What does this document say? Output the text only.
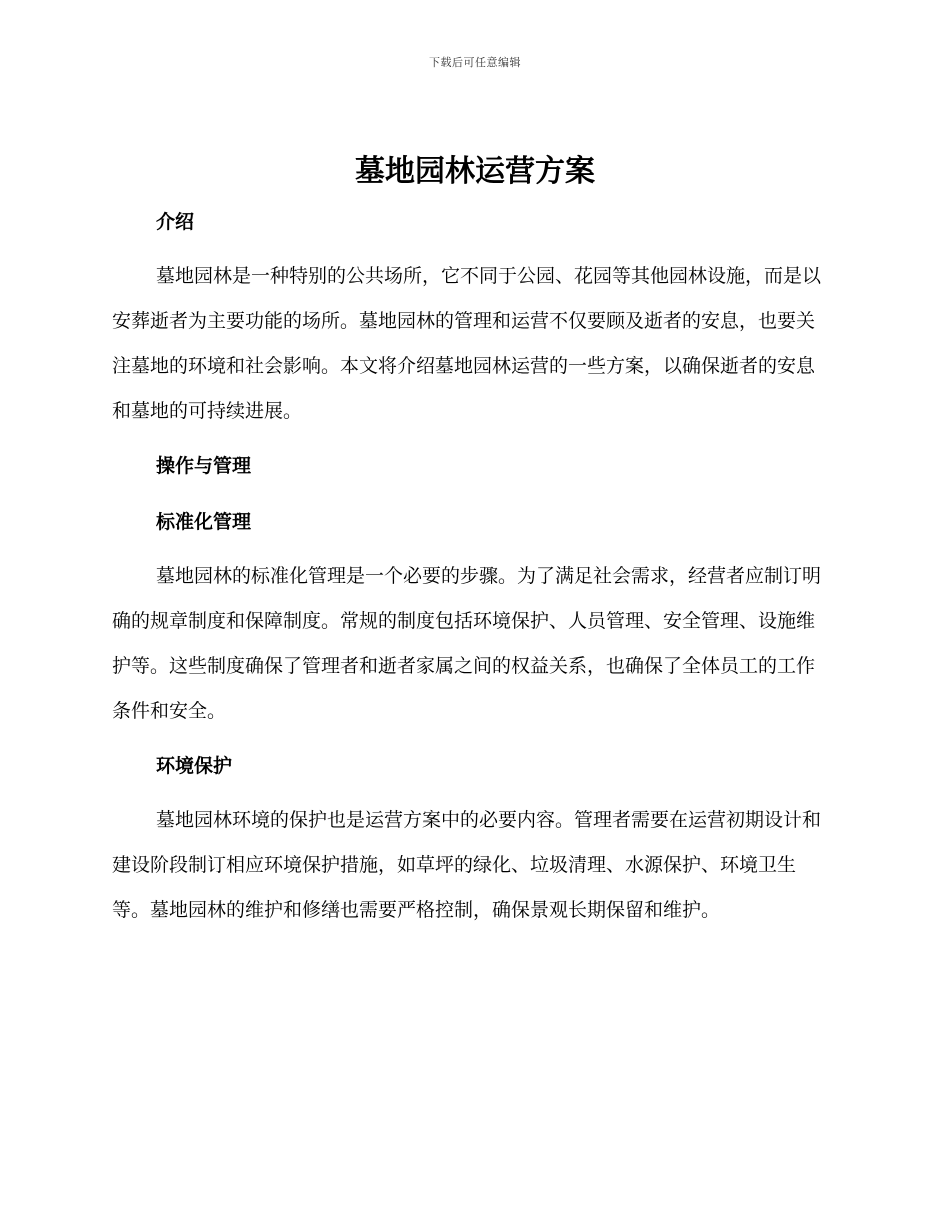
下载后可任意编辑
墓地园林运营方案
介绍

墓地园林是一种特别的公共场所，它不同于公园、花园等其他园林设施，而是以安葬逝者为主要功能的场所。墓地园林的管理和运营不仅要顾及逝者的安息，也要关注墓地的环境和社会影响。本文将介绍墓地园林运营的一些方案，以确保逝者的安息和墓地的可持续进展。

操作与管理
标准化管理

墓地园林的标准化管理是一个必要的步骤。为了满足社会需求，经营者应制订明确的规章制度和保障制度。常规的制度包括环境保护、人员管理、安全管理、设施维护等。这些制度确保了管理者和逝者家属之间的权益关系，也确保了全体员工的工作条件和安全。

环境保护

墓地园林环境的保护也是运营方案中的必要内容。管理者需要在运营初期设计和建设阶段制订相应环境保护措施，如草坪的绿化、垃圾清理、水源保护、环境卫生等。墓地园林的维护和修缮也需要严格控制，确保景观长期保留和维护。
